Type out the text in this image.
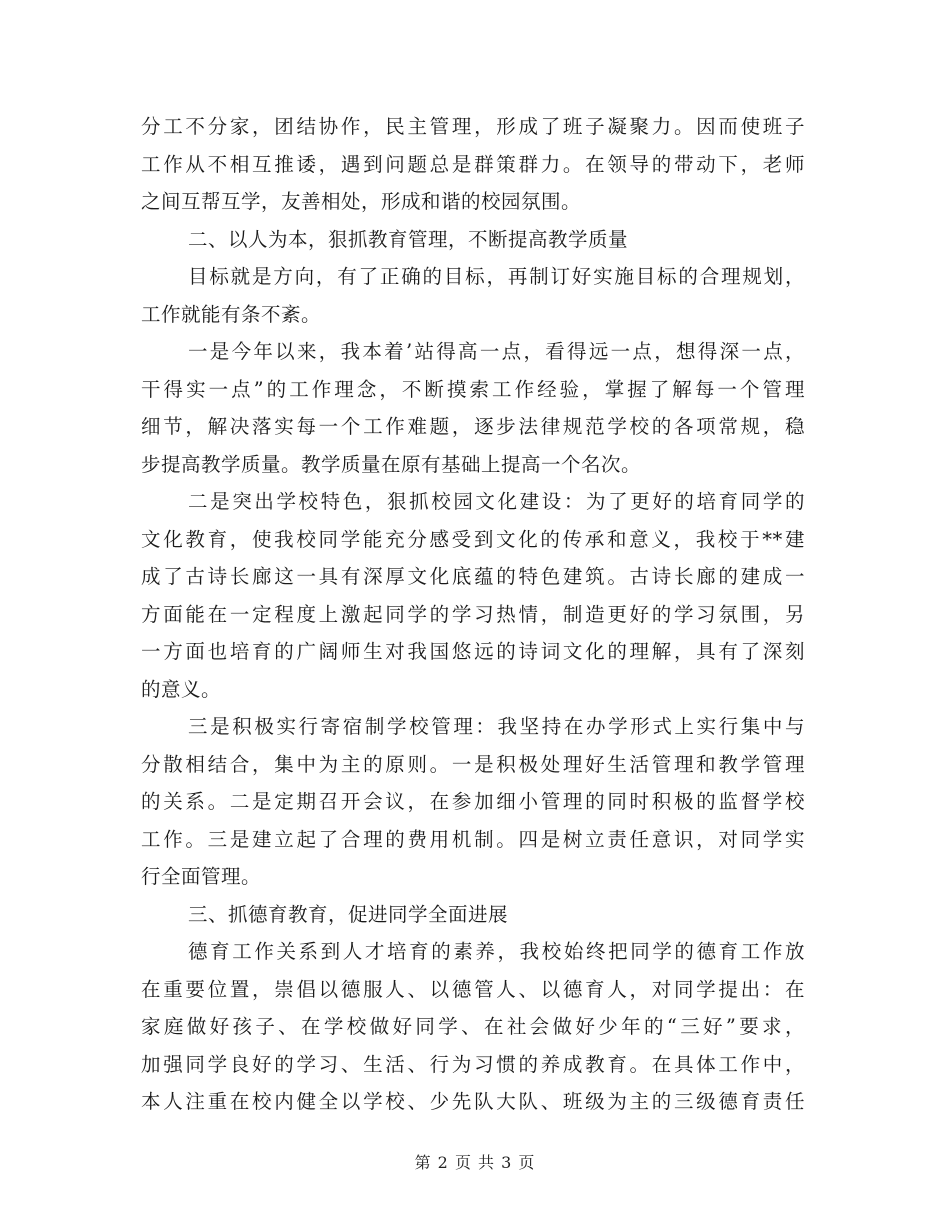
分工不分家，团结协作，民主管理，形成了班子凝聚力。因而使班子
工作从不相互推诿，遇到问题总是群策群力。在领导的带动下，老师
之间互帮互学，友善相处，形成和谐的校园氛围。
二、以人为本，狠抓教育管理，不断提高教学质量
目标就是方向，有了正确的目标，再制订好实施目标的合理规划，
工作就能有条不紊。
一是今年以来，我本着’站得高一点，看得远一点，想得深一点，
干得实一点”的工作理念，不断摸索工作经验，掌握了解每一个管理
细节，解决落实每一个工作难题，逐步法律规范学校的各项常规，稳
步提高教学质量。教学质量在原有基础上提高一个名次。
二是突出学校特色，狠抓校园文化建设：为了更好的培育同学的
文化教育，使我校同学能充分感受到文化的传承和意义，我校于**建
成了古诗长廊这一具有深厚文化底蕴的特色建筑。古诗长廊的建成一
方面能在一定程度上激起同学的学习热情，制造更好的学习氛围，另
一方面也培育的广阔师生对我国悠远的诗词文化的理解，具有了深刻
的意义。
三是积极实行寄宿制学校管理：我坚持在办学形式上实行集中与
分散相结合，集中为主的原则。一是积极处理好生活管理和教学管理
的关系。二是定期召开会议，在参加细小管理的同时积极的监督学校
工作。三是建立起了合理的费用机制。四是树立责任意识，对同学实
行全面管理。
三、抓德育教育，促进同学全面进展
德育工作关系到人才培育的素养，我校始终把同学的德育工作放
在重要位置，崇倡以德服人、以德管人、以德育人，对同学提出：在
家庭做好孩子、在学校做好同学、在社会做好少年的“三好”要求，
加强同学良好的学习、生活、行为习惯的养成教育。在具体工作中，
本人注重在校内健全以学校、少先队大队、班级为主的三级德育责任
第 2 页 共 3 页
